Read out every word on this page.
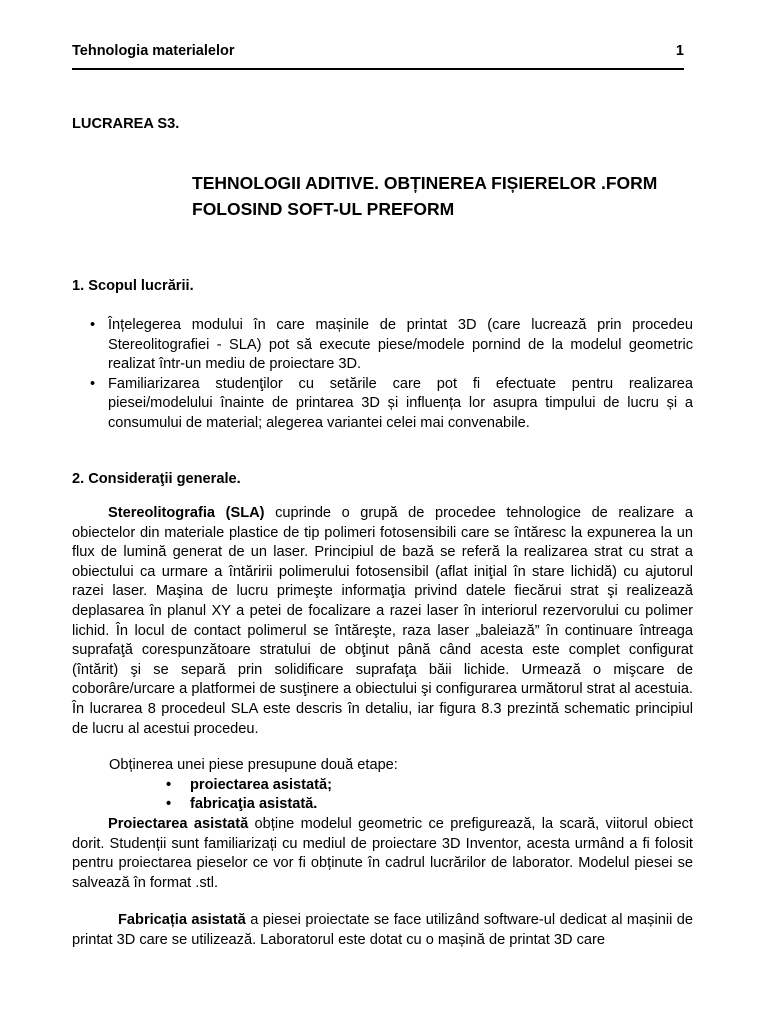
Tehnologia materialelor	1
LUCRAREA S3.
TEHNOLOGII ADITIVE. OBȚINEREA FIȘIERELOR .FORM
FOLOSIND SOFT-UL PREFORM
1. Scopul lucrării.
• Înțelegerea modului în care mașinile de printat 3D (care lucrează prin procedeu Stereolitografiei - SLA) pot să execute piese/modele pornind de la modelul geometric realizat într-un mediu de proiectare 3D.
• Familiarizarea studenţilor cu setările care pot fi efectuate pentru realizarea piesei/modelului înainte de printarea 3D și influența lor asupra timpului de lucru și a consumului de material; alegerea variantei celei mai convenabile.
2. Consideraţii generale.
Stereolitografia (SLA) cuprinde o grupă de procedee tehnologice de realizare a obiectelor din materiale plastice de tip polimeri fotosensibili care se întăresc la expunerea la un flux de lumină generat de un laser. Principiul de bază se referă la realizarea strat cu strat a obiectului ca urmare a întăririi polimerului fotosensibil (aflat iniţial în stare lichidă) cu ajutorul razei laser. Maşina de lucru primeşte informaţia privind datele fiecărui strat şi realizează deplasarea în planul XY a petei de focalizare a razei laser în interiorul rezervorului cu polimer lichid. În locul de contact polimerul se întăreşte, raza laser „baleiază” în continuare întreaga suprafaţă corespunzătoare stratului de obţinut până când acesta este complet configurat (întărit) şi se separă prin solidificare suprafaţa băii lichide. Urmează o mişcare de coborâre/urcare a platformei de susţinere a obiectului şi configurarea următorul strat al acestuia. În lucrarea 8 procedeul SLA este descris în detaliu, iar figura 8.3 prezintă schematic principiul de lucru al acestui procedeu.
Obținerea unei piese presupune două etape:
• proiectarea asistată;
• fabricaţia asistată.
Proiectarea asistată obține modelul geometric ce prefigurează, la scară, viitorul obiect dorit. Studenții sunt familiarizați cu mediul de proiectare 3D Inventor, acesta urmând a fi folosit pentru proiectarea pieselor ce vor fi obținute în cadrul lucrărilor de laborator. Modelul piesei se salvează în format .stl.
Fabricația asistată a piesei proiectate se face utilizând software-ul dedicat al mașinii de printat 3D care se utilizează. Laboratorul este dotat cu o mașină de printat 3D care
